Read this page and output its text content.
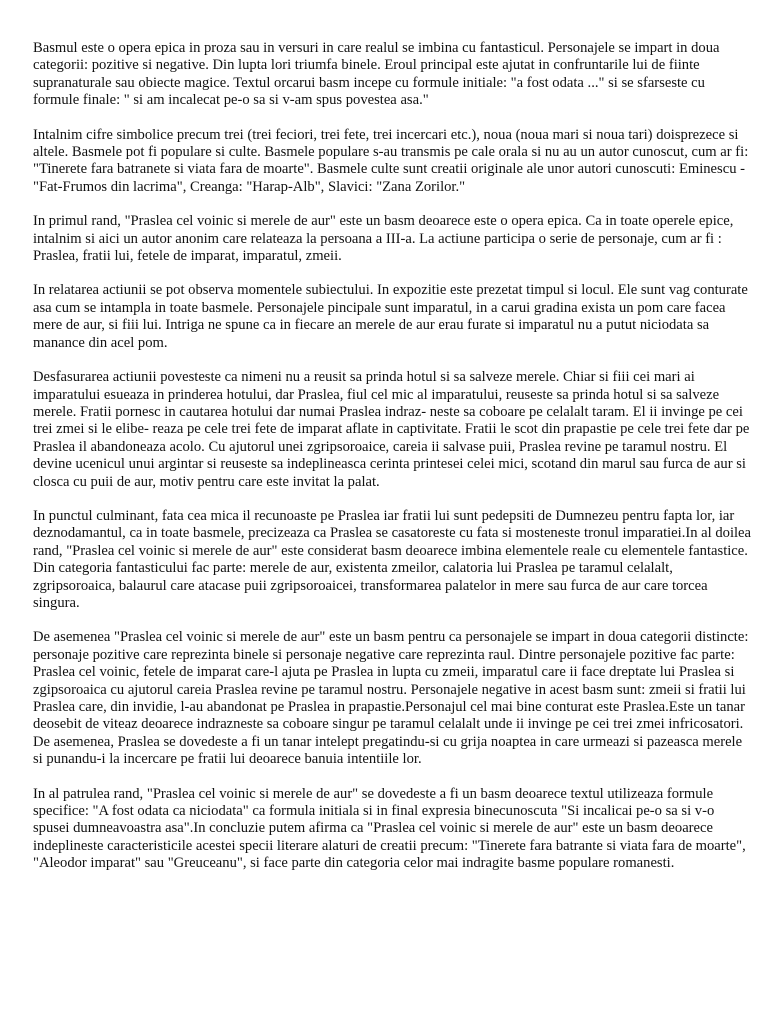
Basmul este o opera epica in proza sau in versuri in care realul se imbina cu fantasticul. Personajele se impart in doua categorii: pozitive si negative. Din lupta lori triumfa binele. Eroul principal este ajutat in confruntarile lui de fiinte supranaturale sau obiecte magice. Textul orcarui basm incepe cu formule initiale: "a fost odata ..." si se sfarseste cu formule finale: " si am incalecat pe-o sa si v-am spus povestea asa."

Intalnim cifre simbolice precum trei (trei feciori, trei fete, trei incercari etc.), noua (noua mari si noua tari) doisprezece si altele. Basmele pot fi populare si culte. Basmele populare s-au transmis pe cale orala si nu au un autor cunoscut, cum ar fi: "Tinerete fara batranete si viata fara de moarte". Basmele culte sunt creatii originale ale unor autori cunoscuti: Eminescu - "Fat-Frumos din lacrima", Creanga: "Harap-Alb", Slavici: "Zana Zorilor."

In primul rand, "Praslea cel voinic si merele de aur" este un basm deoarece este o opera epica. Ca in toate operele epice, intalnim si aici un autor anonim care relateaza la persoana a III-a. La actiune participa o serie de personaje, cum ar fi : Praslea, fratii lui, fetele de imparat, imparatul, zmeii.

In relatarea actiunii se pot observa momentele subiectului. In expozitie este prezetat timpul si locul. Ele sunt vag conturate asa cum se intampla in toate basmele. Personajele pincipale sunt imparatul, in a carui gradina exista un pom care facea mere de aur, si fiii lui. Intriga ne spune ca in fiecare an merele de aur erau furate si imparatul nu a putut niciodata sa manance din acel pom.

Desfasurarea actiunii povesteste ca nimeni nu a reusit sa prinda hotul si sa salveze merele. Chiar si fiii cei mari ai imparatului esueaza in prinderea hotului, dar Praslea, fiul cel mic al imparatului, reuseste sa prinda hotul si sa salveze merele. Fratii pornesc in cautarea hotului dar numai Praslea indraz- neste sa coboare pe celalalt taram. El ii invinge pe cei trei zmei si le elibe- reaza pe cele trei fete de imparat aflate in captivitate. Fratii le scot din prapastie pe cele trei fete dar pe Praslea il abandoneaza acolo. Cu ajutorul unei zgripsoroaice, careia ii salvase puii, Praslea revine pe taramul nostru. El devine ucenicul unui argintar si reuseste sa indeplineasca cerinta printesei celei mici, scotand din marul sau furca de aur si closca cu puii de aur, motiv pentru care este invitat la palat.

In punctul culminant, fata cea mica il recunoaste pe Praslea iar fratii lui sunt pedepsiti de Dumnezeu pentru fapta lor, iar deznodamantul, ca in toate basmele, precizeaza ca Praslea se casatoreste cu fata si mosteneste tronul imparatiei.In al doilea rand, "Praslea cel voinic si merele de aur" este considerat basm deoarece imbina elementele reale cu elementele fantastice. Din categoria fantasticului fac parte: merele de aur, existenta zmeilor, calatoria lui Praslea pe taramul celalalt, zgripsoroaica, balaurul care atacase puii zgripsoroaicei, transformarea palatelor in mere sau furca de aur care torcea singura.

De asemenea "Praslea cel voinic si merele de aur" este un basm pentru ca personajele se impart in doua categorii distincte: personaje pozitive care reprezinta binele si personaje negative care reprezinta raul. Dintre personajele pozitive fac parte: Praslea cel voinic, fetele de imparat care-l ajuta pe Praslea in lupta cu zmeii, imparatul care ii face dreptate lui Praslea si zgipsoroaica cu ajutorul careia Praslea revine pe taramul nostru. Personajele negative in acest basm sunt: zmeii si fratii lui Praslea care, din invidie, l-au abandonat pe Praslea in prapastie.Personajul cel mai bine conturat este Praslea.Este un tanar deosebit de viteaz deoarece indrazneste sa coboare singur pe taramul celalalt unde ii invinge pe cei trei zmei infricosatori. De asemenea, Praslea se dovedeste a fi un tanar intelept pregatindu-si cu grija noaptea in care urmeazi si pazeasca merele si punandu-i la incercare pe fratii lui deoarece banuia intentiile lor.

In al patrulea rand, "Praslea cel voinic si merele de aur" se dovedeste a fi un basm deoarece textul utilizeaza formule specifice: "A fost odata ca niciodata" ca formula initiala si in final expresia binecunoscuta "Si incalicai pe-o sa si v-o spusei dumneavoastra asa".In concluzie putem afirma ca "Praslea cel voinic si merele de aur" este un basm deoarece indeplineste caracteristicile acestei specii literare alaturi de creatii precum: "Tinerete fara batrante si viata fara de moarte", "Aleodor imparat" sau "Greuceanu", si face parte din categoria celor mai indragite basme populare romanesti.
